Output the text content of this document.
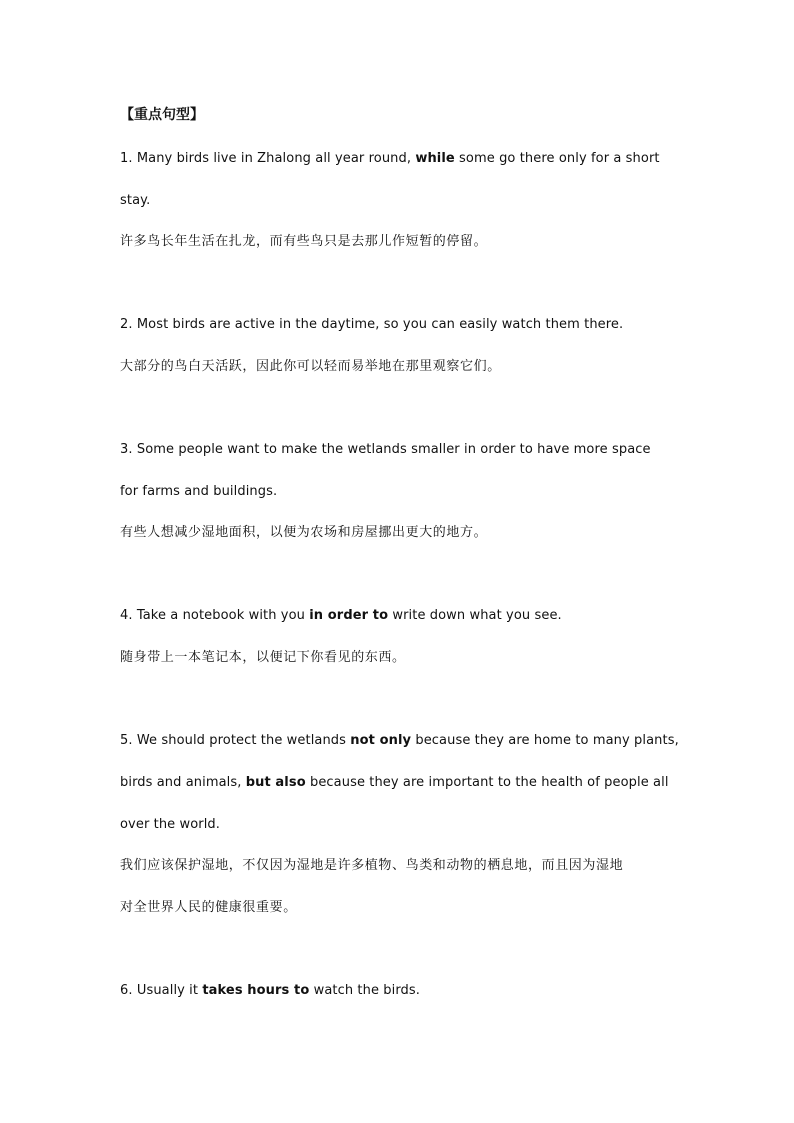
【重点句型】
1. Many birds live in Zhalong all year round, while some go there only for a short
stay.
许多鸟长年生活在扎龙，而有些鸟只是去那儿作短暂的停留。
2. Most birds are active in the daytime, so you can easily watch them there.
大部分的鸟白天活跃，因此你可以轻而易举地在那里观察它们。
3. Some people want to make the wetlands smaller in order to have more space
for farms and buildings.
有些人想减少湿地面积，以便为农场和房屋挪出更大的地方。
4. Take a notebook with you in order to write down what you see.
随身带上一本笔记本，以便记下你看见的东西。
5. We should protect the wetlands not only because they are home to many plants,
birds and animals, but also because they are important to the health of people all
over the world.
我们应该保护湿地，不仅因为湿地是许多植物、鸟类和动物的栖息地，而且因为湿地
对全世界人民的健康很重要。
6. Usually it takes hours to watch the birds.
